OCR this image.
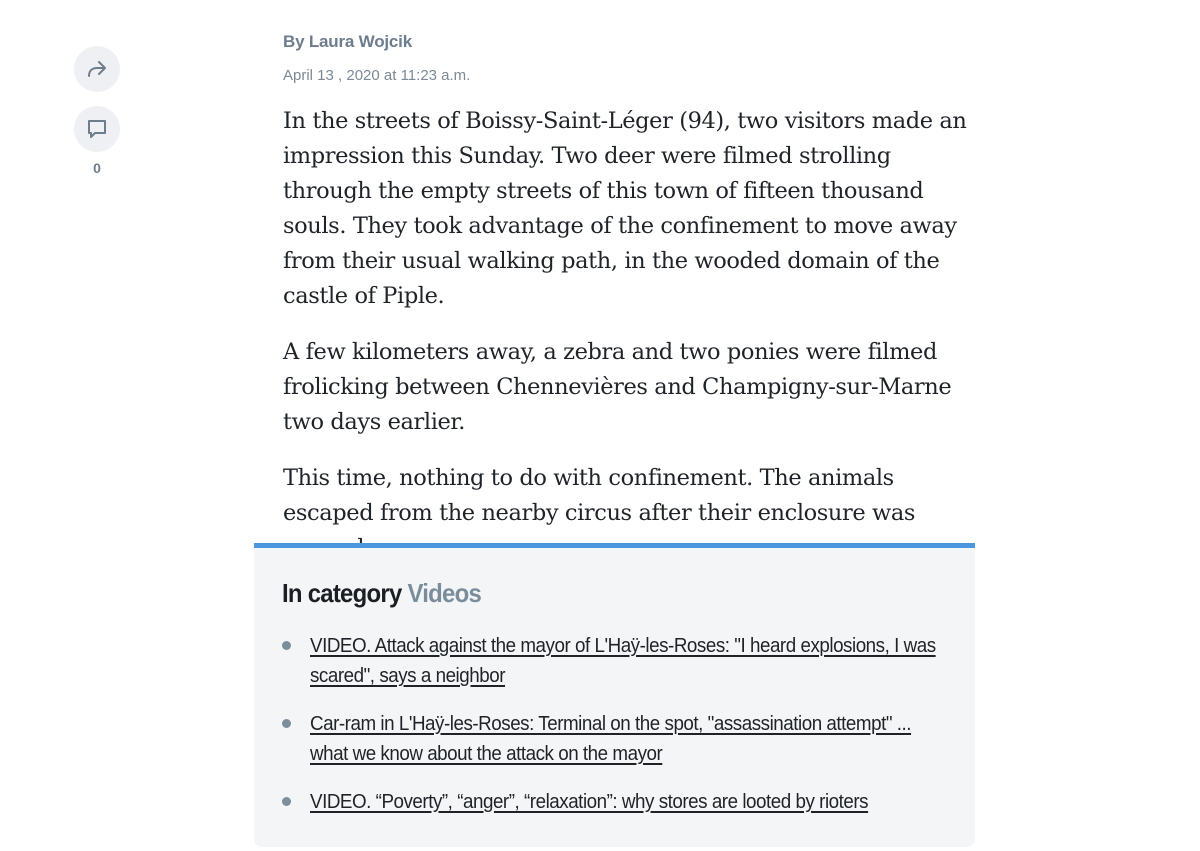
0
By Laura Wojcik
April 13 , 2020 at 11:23 a.m.

In the streets of Boissy-Saint-Léger (94), two visitors made an impression this Sunday. Two deer were filmed strolling through the empty streets of this town of fifteen thousand souls. They took advantage of the confinement to move away from their usual walking path, in the wooded domain of the castle of Piple.

A few kilometers away, a zebra and two ponies were filmed frolicking between Chennevières and Champigny-sur-Marne two days earlier.

This time, nothing to do with confinement. The animals escaped from the nearby circus after their enclosure was

In category Videos
VIDEO. Attack against the mayor of L'Haÿ-les-Roses: "I heard explosions, I was scared", says a neighbor
Car-ram in L'Haÿ-les-Roses: Terminal on the spot, "assassination attempt" ... what we know about the attack on the mayor
VIDEO. “Poverty”, “anger”, “relaxation”: why stores are looted by rioters
